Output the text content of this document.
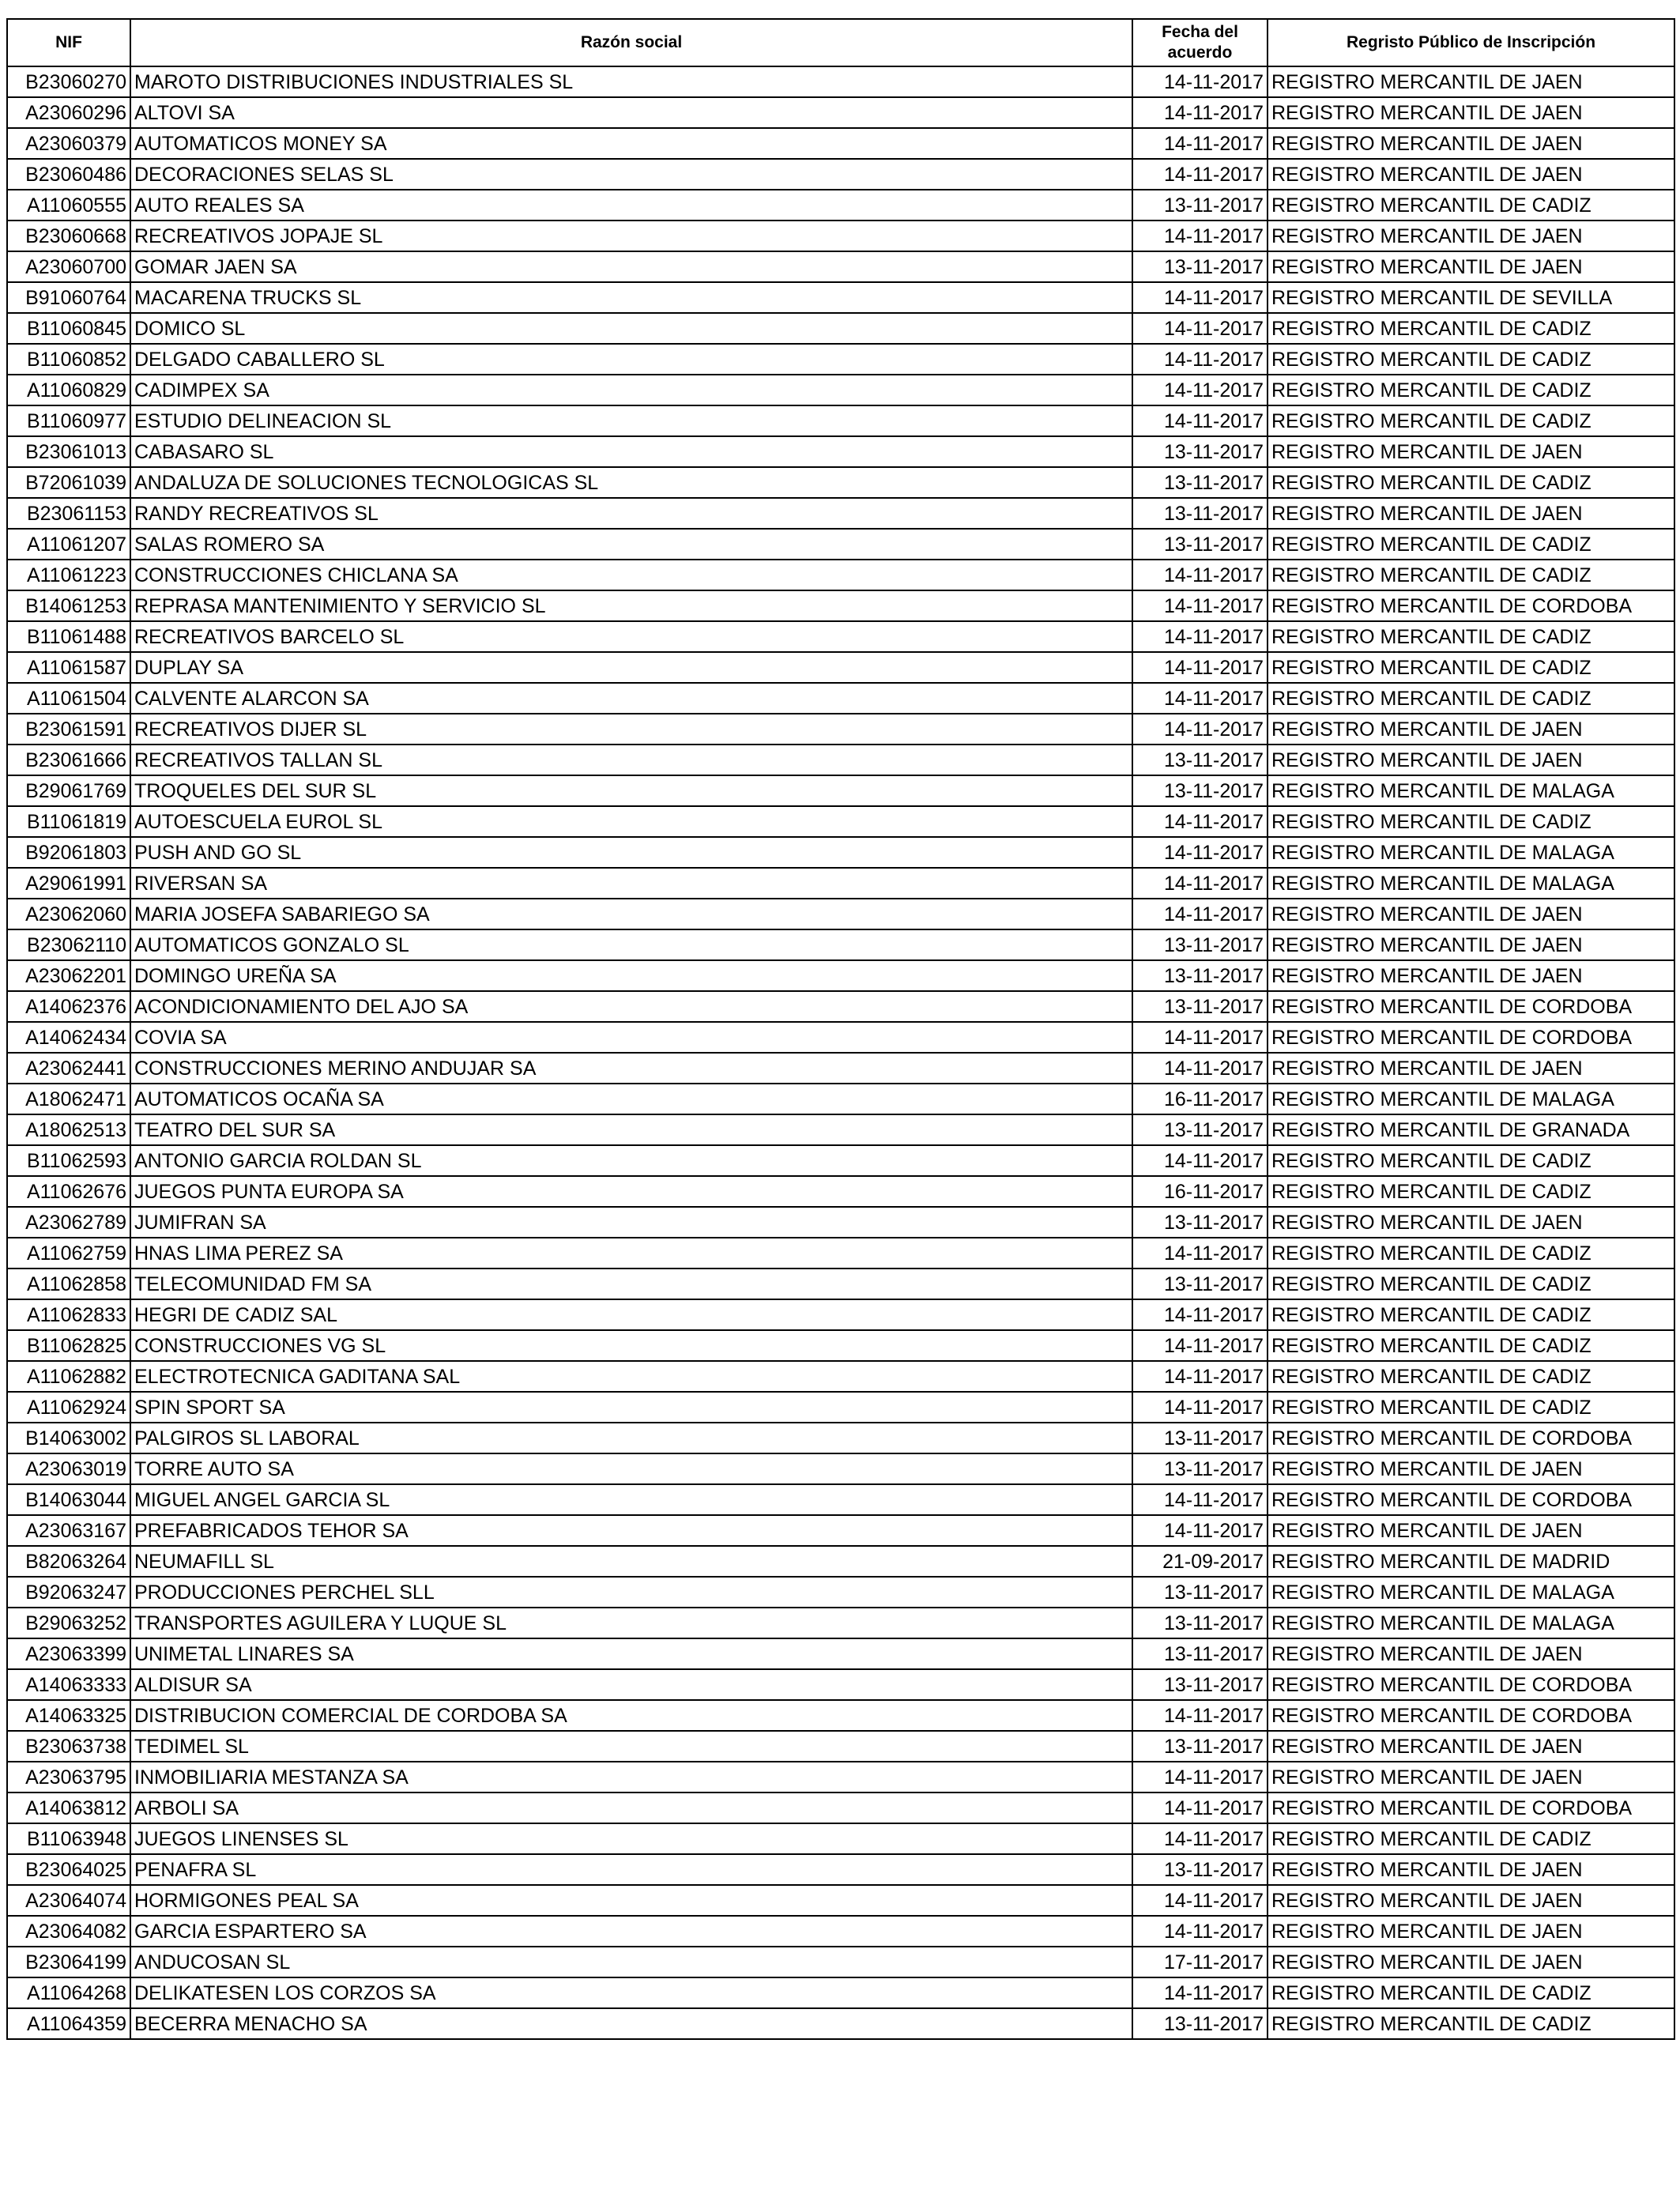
NIF	Razón social	Fecha del acuerdo	Regristo Público de Inscripción
B23060270	MAROTO DISTRIBUCIONES INDUSTRIALES SL	14-11-2017	REGISTRO MERCANTIL DE JAEN
A23060296	ALTOVI SA	14-11-2017	REGISTRO MERCANTIL DE JAEN
A23060379	AUTOMATICOS MONEY SA	14-11-2017	REGISTRO MERCANTIL DE JAEN
B23060486	DECORACIONES SELAS SL	14-11-2017	REGISTRO MERCANTIL DE JAEN
A11060555	AUTO REALES SA	13-11-2017	REGISTRO MERCANTIL DE CADIZ
B23060668	RECREATIVOS JOPAJE SL	14-11-2017	REGISTRO MERCANTIL DE JAEN
A23060700	GOMAR JAEN SA	13-11-2017	REGISTRO MERCANTIL DE JAEN
B91060764	MACARENA TRUCKS SL	14-11-2017	REGISTRO MERCANTIL DE SEVILLA
B11060845	DOMICO SL	14-11-2017	REGISTRO MERCANTIL DE CADIZ
B11060852	DELGADO CABALLERO SL	14-11-2017	REGISTRO MERCANTIL DE CADIZ
A11060829	CADIMPEX SA	14-11-2017	REGISTRO MERCANTIL DE CADIZ
B11060977	ESTUDIO DELINEACION SL	14-11-2017	REGISTRO MERCANTIL DE CADIZ
B23061013	CABASARO SL	13-11-2017	REGISTRO MERCANTIL DE JAEN
B72061039	ANDALUZA DE SOLUCIONES TECNOLOGICAS SL	13-11-2017	REGISTRO MERCANTIL DE CADIZ
B23061153	RANDY RECREATIVOS SL	13-11-2017	REGISTRO MERCANTIL DE JAEN
A11061207	SALAS ROMERO SA	13-11-2017	REGISTRO MERCANTIL DE CADIZ
A11061223	CONSTRUCCIONES CHICLANA SA	14-11-2017	REGISTRO MERCANTIL DE CADIZ
B14061253	REPRASA MANTENIMIENTO Y SERVICIO SL	14-11-2017	REGISTRO MERCANTIL DE CORDOBA
B11061488	RECREATIVOS BARCELO SL	14-11-2017	REGISTRO MERCANTIL DE CADIZ
A11061587	DUPLAY SA	14-11-2017	REGISTRO MERCANTIL DE CADIZ
A11061504	CALVENTE ALARCON SA	14-11-2017	REGISTRO MERCANTIL DE CADIZ
B23061591	RECREATIVOS DIJER SL	14-11-2017	REGISTRO MERCANTIL DE JAEN
B23061666	RECREATIVOS TALLAN SL	13-11-2017	REGISTRO MERCANTIL DE JAEN
B29061769	TROQUELES DEL SUR SL	13-11-2017	REGISTRO MERCANTIL DE MALAGA
B11061819	AUTOESCUELA EUROL SL	14-11-2017	REGISTRO MERCANTIL DE CADIZ
B92061803	PUSH AND GO SL	14-11-2017	REGISTRO MERCANTIL DE MALAGA
A29061991	RIVERSAN SA	14-11-2017	REGISTRO MERCANTIL DE MALAGA
A23062060	MARIA JOSEFA SABARIEGO SA	14-11-2017	REGISTRO MERCANTIL DE JAEN
B23062110	AUTOMATICOS GONZALO SL	13-11-2017	REGISTRO MERCANTIL DE JAEN
A23062201	DOMINGO UREÑA SA	13-11-2017	REGISTRO MERCANTIL DE JAEN
A14062376	ACONDICIONAMIENTO DEL AJO SA	13-11-2017	REGISTRO MERCANTIL DE CORDOBA
A14062434	COVIA SA	14-11-2017	REGISTRO MERCANTIL DE CORDOBA
A23062441	CONSTRUCCIONES MERINO ANDUJAR SA	14-11-2017	REGISTRO MERCANTIL DE JAEN
A18062471	AUTOMATICOS OCAÑA SA	16-11-2017	REGISTRO MERCANTIL DE MALAGA
A18062513	TEATRO DEL SUR SA	13-11-2017	REGISTRO MERCANTIL DE GRANADA
B11062593	ANTONIO GARCIA ROLDAN SL	14-11-2017	REGISTRO MERCANTIL DE CADIZ
A11062676	JUEGOS PUNTA EUROPA SA	16-11-2017	REGISTRO MERCANTIL DE CADIZ
A23062789	JUMIFRAN SA	13-11-2017	REGISTRO MERCANTIL DE JAEN
A11062759	HNAS LIMA PEREZ SA	14-11-2017	REGISTRO MERCANTIL DE CADIZ
A11062858	TELECOMUNIDAD FM SA	13-11-2017	REGISTRO MERCANTIL DE CADIZ
A11062833	HEGRI DE CADIZ SAL	14-11-2017	REGISTRO MERCANTIL DE CADIZ
B11062825	CONSTRUCCIONES VG SL	14-11-2017	REGISTRO MERCANTIL DE CADIZ
A11062882	ELECTROTECNICA GADITANA SAL	14-11-2017	REGISTRO MERCANTIL DE CADIZ
A11062924	SPIN SPORT SA	14-11-2017	REGISTRO MERCANTIL DE CADIZ
B14063002	PALGIROS SL LABORAL	13-11-2017	REGISTRO MERCANTIL DE CORDOBA
A23063019	TORRE AUTO SA	13-11-2017	REGISTRO MERCANTIL DE JAEN
B14063044	MIGUEL ANGEL GARCIA SL	14-11-2017	REGISTRO MERCANTIL DE CORDOBA
A23063167	PREFABRICADOS TEHOR SA	14-11-2017	REGISTRO MERCANTIL DE JAEN
B82063264	NEUMAFILL SL	21-09-2017	REGISTRO MERCANTIL DE MADRID
B92063247	PRODUCCIONES PERCHEL SLL	13-11-2017	REGISTRO MERCANTIL DE MALAGA
B29063252	TRANSPORTES AGUILERA Y LUQUE SL	13-11-2017	REGISTRO MERCANTIL DE MALAGA
A23063399	UNIMETAL LINARES SA	13-11-2017	REGISTRO MERCANTIL DE JAEN
A14063333	ALDISUR SA	13-11-2017	REGISTRO MERCANTIL DE CORDOBA
A14063325	DISTRIBUCION COMERCIAL DE CORDOBA SA	14-11-2017	REGISTRO MERCANTIL DE CORDOBA
B23063738	TEDIMEL SL	13-11-2017	REGISTRO MERCANTIL DE JAEN
A23063795	INMOBILIARIA MESTANZA SA	14-11-2017	REGISTRO MERCANTIL DE JAEN
A14063812	ARBOLI SA	14-11-2017	REGISTRO MERCANTIL DE CORDOBA
B11063948	JUEGOS LINENSES SL	14-11-2017	REGISTRO MERCANTIL DE CADIZ
B23064025	PENAFRA SL	13-11-2017	REGISTRO MERCANTIL DE JAEN
A23064074	HORMIGONES PEAL SA	14-11-2017	REGISTRO MERCANTIL DE JAEN
A23064082	GARCIA ESPARTERO SA	14-11-2017	REGISTRO MERCANTIL DE JAEN
B23064199	ANDUCOSAN SL	17-11-2017	REGISTRO MERCANTIL DE JAEN
A11064268	DELIKATESEN LOS CORZOS SA	14-11-2017	REGISTRO MERCANTIL DE CADIZ
A11064359	BECERRA MENACHO SA	13-11-2017	REGISTRO MERCANTIL DE CADIZ
